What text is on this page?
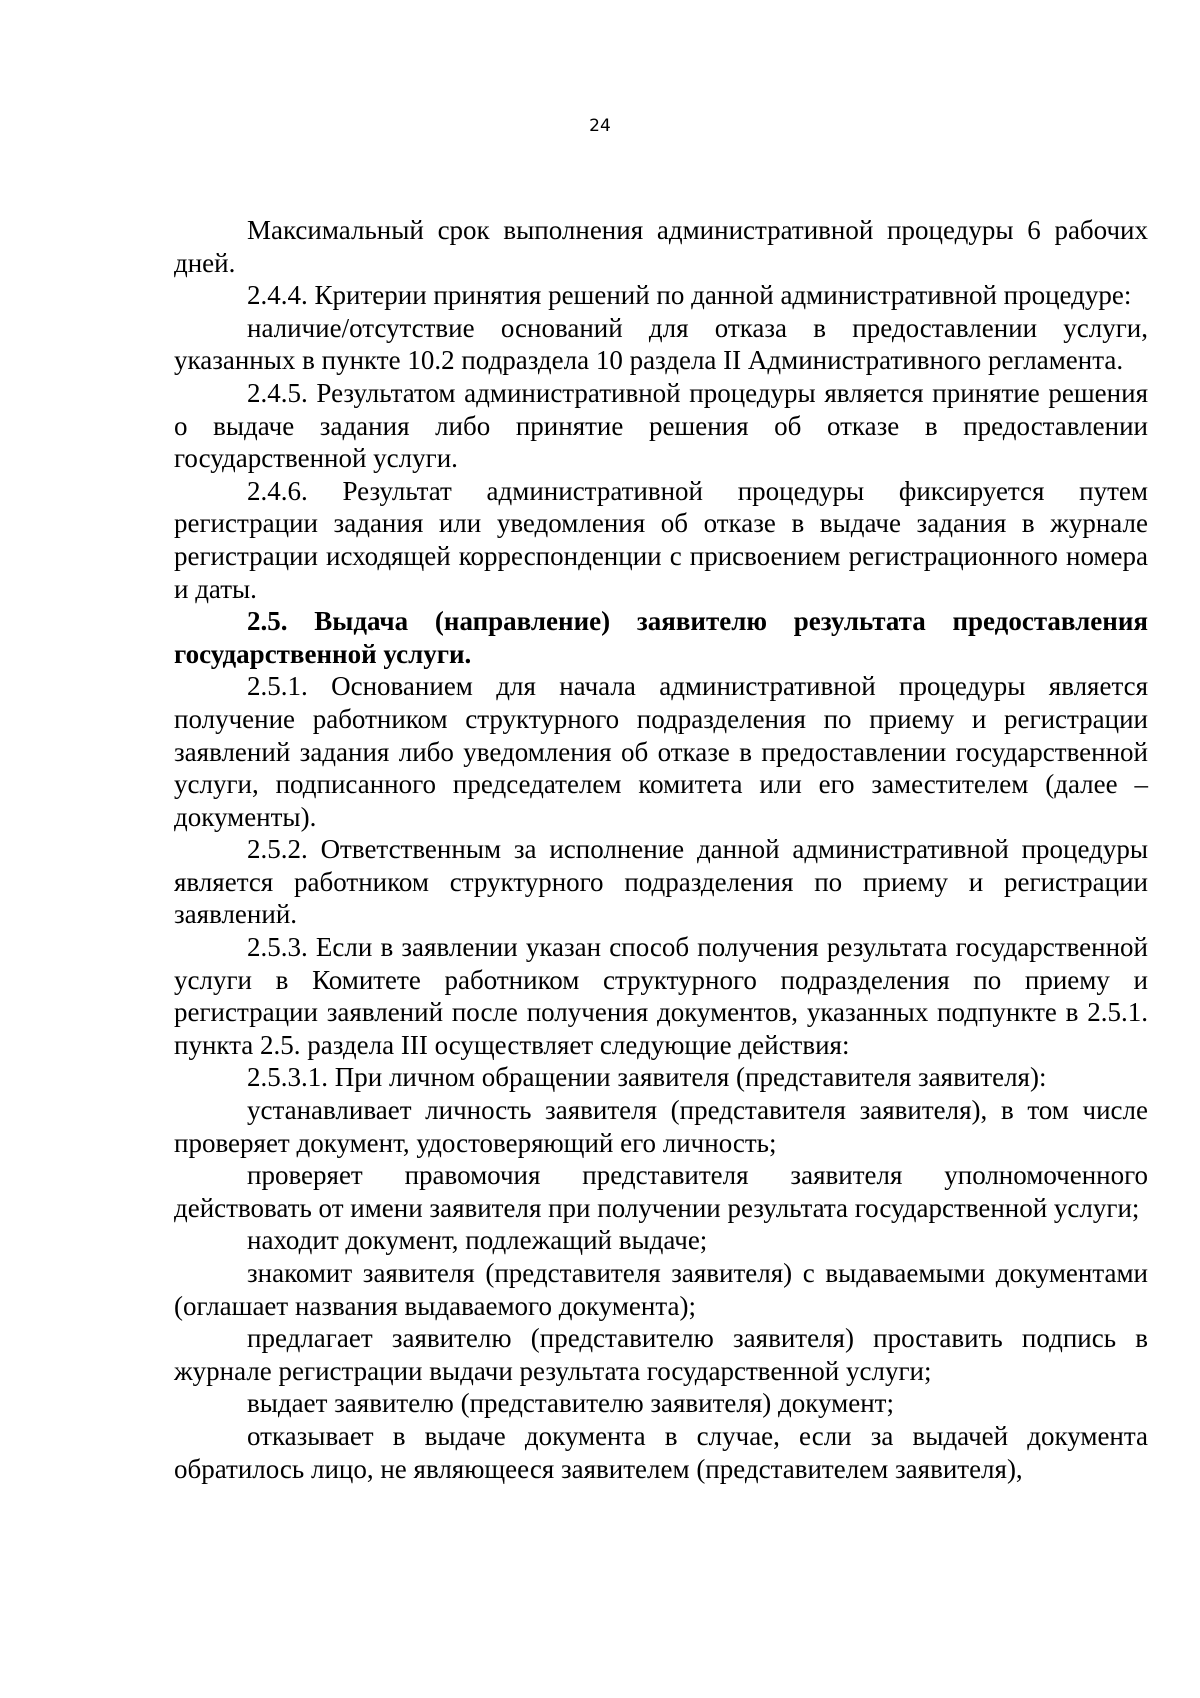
24

Максимальный срок выполнения административной процедуры 6 рабочих дней.

2.4.4. Критерии принятия решений по данной административной процедуре:

наличие/отсутствие оснований для отказа в предоставлении услуги, указанных в пункте 10.2 подраздела 10 раздела II Административного регламента.

2.4.5. Результатом административной процедуры является принятие решения о выдаче задания либо принятие решения об отказе в предоставлении государственной услуги.

2.4.6. Результат административной процедуры фиксируется путем регистрации задания или уведомления об отказе в выдаче задания в журнале регистрации исходящей корреспонденции с присвоением регистрационного номера и даты.

2.5. Выдача (направление) заявителю результата предоставления государственной услуги.

2.5.1. Основанием для начала административной процедуры является получение работником структурного подразделения по приему и регистрации заявлений задания либо уведомления об отказе в предоставлении государственной услуги, подписанного председателем комитета или его заместителем (далее – документы).

2.5.2. Ответственным за исполнение данной административной процедуры является работником структурного подразделения по приему и регистрации заявлений.

2.5.3. Если в заявлении указан способ получения результата государственной услуги в Комитете работником структурного подразделения по приему и регистрации заявлений после получения документов, указанных подпункте в 2.5.1. пункта 2.5. раздела III осуществляет следующие действия:

2.5.3.1. При личном обращении заявителя (представителя заявителя):

устанавливает личность заявителя (представителя заявителя), в том числе проверяет документ, удостоверяющий его личность;

проверяет правомочия представителя заявителя уполномоченного действовать от имени заявителя при получении результата государственной услуги;

находит документ, подлежащий выдаче;

знакомит заявителя (представителя заявителя) с выдаваемыми документами (оглашает названия выдаваемого документа);

предлагает заявителю (представителю заявителя) проставить подпись в журнале регистрации выдачи результата государственной услуги;

выдает заявителю (представителю заявителя) документ;

отказывает в выдаче документа в случае, если за выдачей документа обратилось лицо, не являющееся заявителем (представителем заявителя),
